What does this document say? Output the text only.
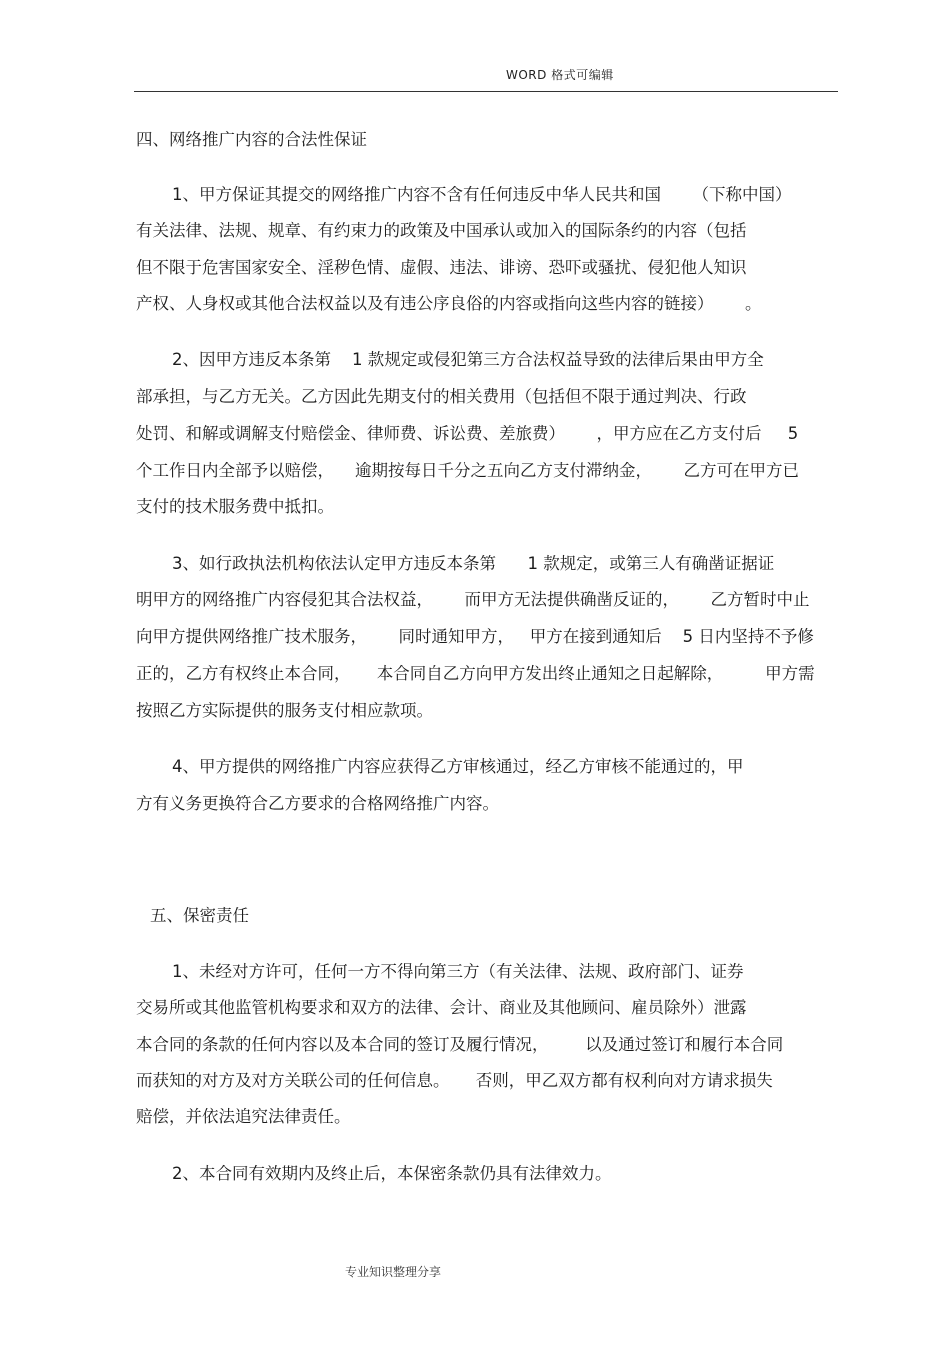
WORD 格式可编辑
四、网络推广内容的合法性保证
1、甲方保证其提交的网络推广内容不含有任何违反中华人民共和国      （下称中国）
有关法律、法规、规章、有约束力的政策及中国承认或加入的国际条约的内容（包括
但不限于危害国家安全、淫秽色情、虚假、违法、诽谤、恐吓或骚扰、侵犯他人知识
产权、人身权或其他合法权益以及有违公序良俗的内容或指向这些内容的链接）      。
2、因甲方违反本条第    1 款规定或侵犯第三方合法权益导致的法律后果由甲方全
部承担，与乙方无关。乙方因此先期支付的相关费用（包括但不限于通过判决、行政
处罚、和解或调解支付赔偿金、律师费、诉讼费、差旅费）      ，甲方应在乙方支付后     5
个工作日内全部予以赔偿，    逾期按每日千分之五向乙方支付滞纳金，      乙方可在甲方已
支付的技术服务费中抵扣。
3、如行政执法机构依法认定甲方违反本条第      1 款规定，或第三人有确凿证据证
明甲方的网络推广内容侵犯其合法权益，      而甲方无法提供确凿反证的，      乙方暂时中止
向甲方提供网络推广技术服务，      同时通知甲方，   甲方在接到通知后    5 日内坚持不予修
正的，乙方有权终止本合同，     本合同自乙方向甲方发出终止通知之日起解除，        甲方需
按照乙方实际提供的服务支付相应款项。
4、甲方提供的网络推广内容应获得乙方审核通过，经乙方审核不能通过的，甲
方有义务更换符合乙方要求的合格网络推广内容。
五、保密责任
1、未经对方许可，任何一方不得向第三方（有关法律、法规、政府部门、证券
交易所或其他监管机构要求和双方的法律、会计、商业及其他顾问、雇员除外）泄露
本合同的条款的任何内容以及本合同的签订及履行情况，       以及通过签订和履行本合同
而获知的对方及对方关联公司的任何信息。     否则，甲乙双方都有权利向对方请求损失
赔偿，并依法追究法律责任。
2、本合同有效期内及终止后，本保密条款仍具有法律效力。
专业知识整理分享
